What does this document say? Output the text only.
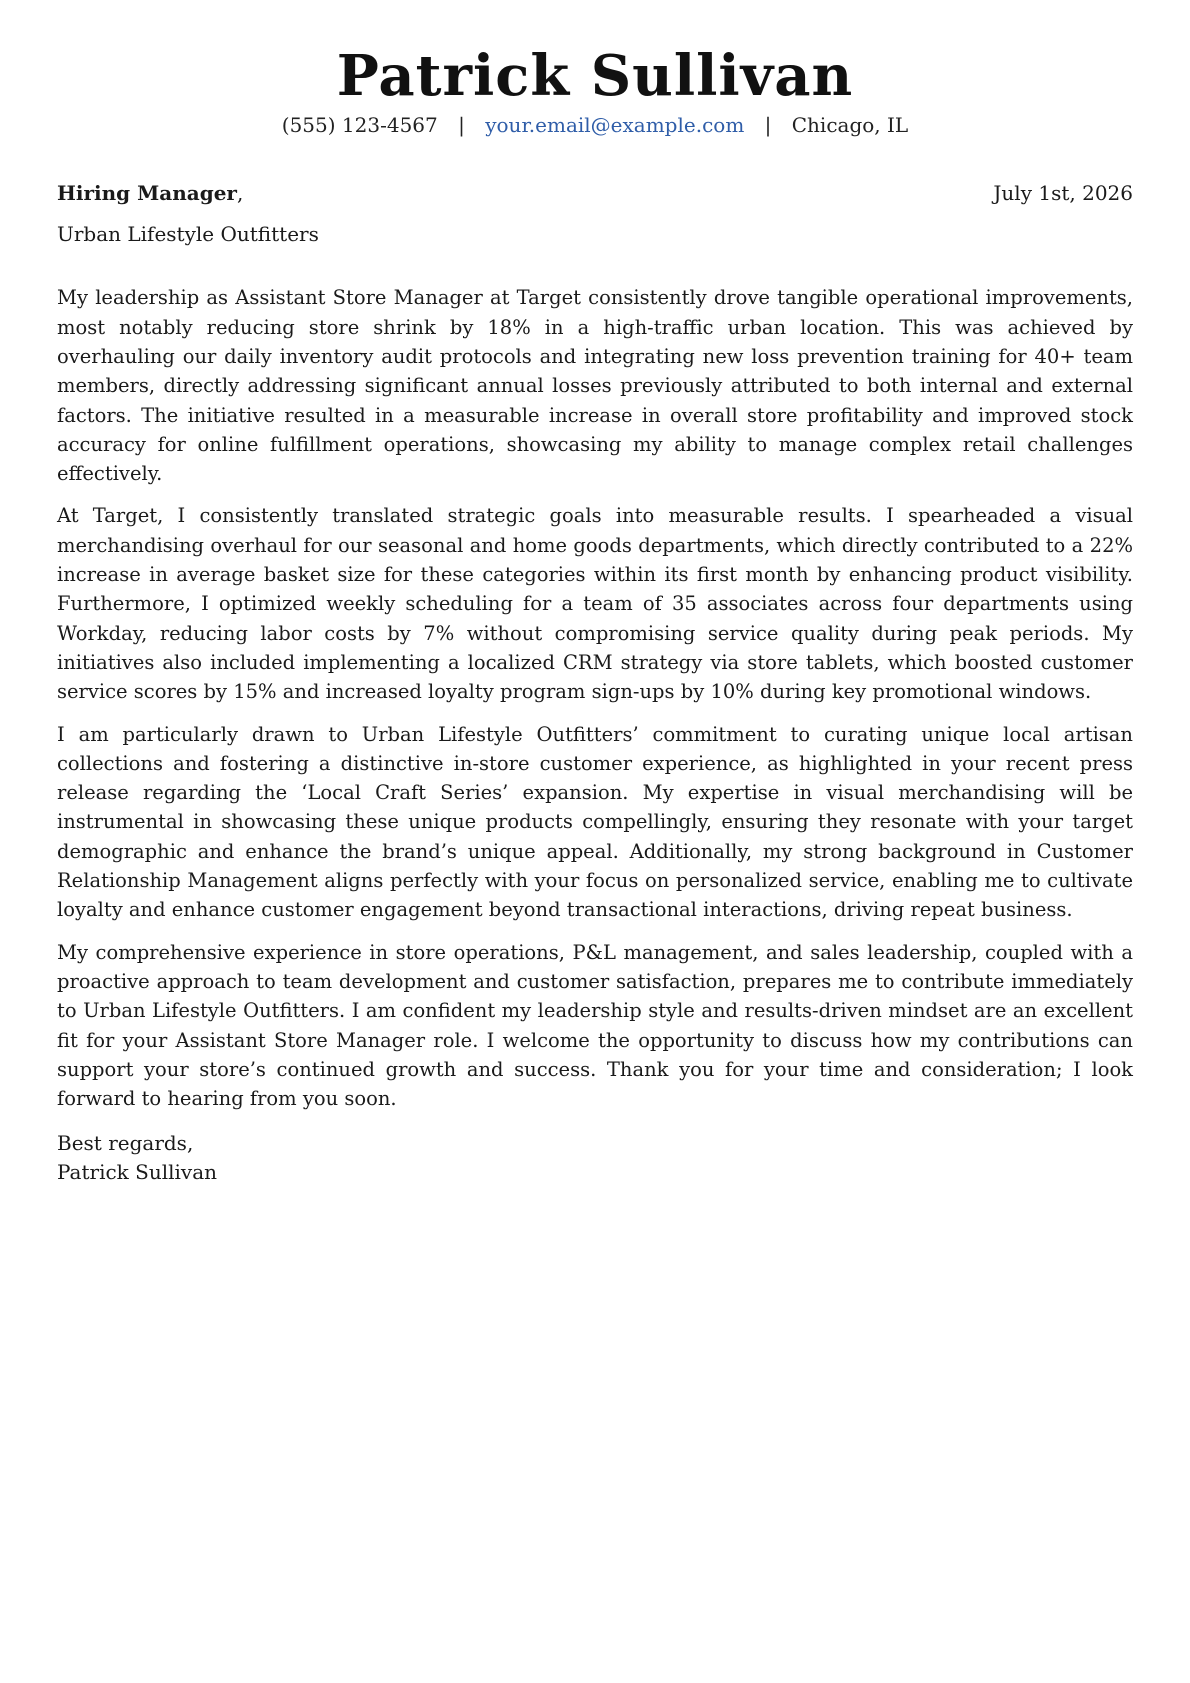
Patrick Sullivan
(555) 123-4567 | your.email@example.com | Chicago, IL
Hiring Manager,	July 1st, 2026
Urban Lifestyle Outfitters

My leadership as Assistant Store Manager at Target consistently drove tangible operational improvements, most notably reducing store shrink by 18% in a high-traffic urban location. This was achieved by overhauling our daily inventory audit protocols and integrating new loss prevention training for 40+ team members, directly addressing significant annual losses previously attributed to both internal and external factors. The initiative resulted in a measurable increase in overall store profitability and improved stock accuracy for online fulfillment operations, showcasing my ability to manage complex retail challenges effectively.

At Target, I consistently translated strategic goals into measurable results. I spearheaded a visual merchandising overhaul for our seasonal and home goods departments, which directly contributed to a 22% increase in average basket size for these categories within its first month by enhancing product visibility. Furthermore, I optimized weekly scheduling for a team of 35 associates across four departments using Workday, reducing labor costs by 7% without compromising service quality during peak periods. My initiatives also included implementing a localized CRM strategy via store tablets, which boosted customer service scores by 15% and increased loyalty program sign-ups by 10% during key promotional windows.

I am particularly drawn to Urban Lifestyle Outfitters’ commitment to curating unique local artisan collections and fostering a distinctive in-store customer experience, as highlighted in your recent press release regarding the ‘Local Craft Series’ expansion. My expertise in visual merchandising will be instrumental in showcasing these unique products compellingly, ensuring they resonate with your target demographic and enhance the brand’s unique appeal. Additionally, my strong background in Customer Relationship Management aligns perfectly with your focus on personalized service, enabling me to cultivate loyalty and enhance customer engagement beyond transactional interactions, driving repeat business.

My comprehensive experience in store operations, P&L management, and sales leadership, coupled with a proactive approach to team development and customer satisfaction, prepares me to contribute immediately to Urban Lifestyle Outfitters. I am confident my leadership style and results-driven mindset are an excellent fit for your Assistant Store Manager role. I welcome the opportunity to discuss how my contributions can support your store’s continued growth and success. Thank you for your time and consideration; I look forward to hearing from you soon.

Best regards,
Patrick Sullivan
